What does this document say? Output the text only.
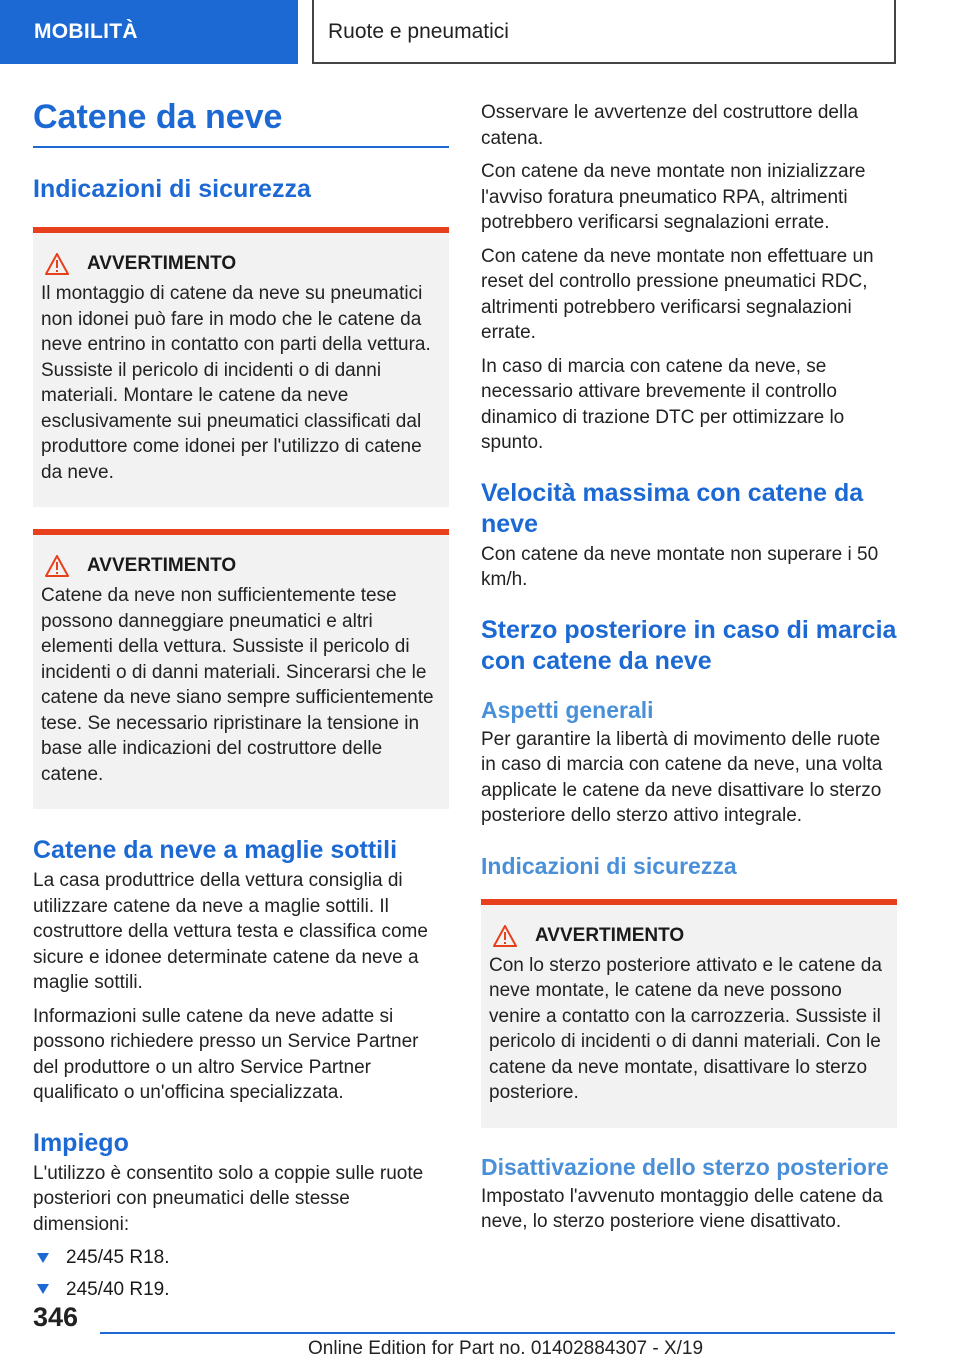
MOBILITÀ	Ruote e pneumatici
Catene da neve
Indicazioni di sicurezza
AVVERTIMENTO

Il montaggio di catene da neve su pneumatici non idonei può fare in modo che le catene da neve entrino in contatto con parti della vettura. Sussiste il pericolo di incidenti o di danni materiali. Montare le catene da neve esclusivamente sui pneumatici classificati dal produttore come idonei per l'utilizzo di catene da neve.

AVVERTIMENTO

Catene da neve non sufficientemente tese possono danneggiare pneumatici e altri elementi della vettura. Sussiste il pericolo di incidenti o di danni materiali. Sincerarsi che le catene da neve siano sempre sufficientemente tese. Se necessario ripristinare la tensione in base alle indicazioni del costruttore delle catene.

Catene da neve a maglie sottili

La casa produttrice della vettura consiglia di utilizzare catene da neve a maglie sottili. Il costruttore della vettura testa e classifica come sicure e idonee determinate catene da neve a maglie sottili.

Informazioni sulle catene da neve adatte si possono richiedere presso un Service Partner del produttore o un altro Service Partner qualificato o un'officina specializzata.

Impiego

L'utilizzo è consentito solo a coppie sulle ruote posteriori con pneumatici delle stesse dimensioni:

245/45 R18.
245/40 R19.

Osservare le avvertenze del costruttore della catena.

Con catene da neve montate non inizializzare l'avviso foratura pneumatico RPA, altrimenti potrebbero verificarsi segnalazioni errate.

Con catene da neve montate non effettuare un reset del controllo pressione pneumatici RDC, altrimenti potrebbero verificarsi segnalazioni errate.

In caso di marcia con catene da neve, se necessario attivare brevemente il controllo dinamico di trazione DTC per ottimizzare lo spunto.

Velocità massima con catene da neve

Con catene da neve montate non superare i 50 km/h.

Sterzo posteriore in caso di marcia con catene da neve
Aspetti generali

Per garantire la libertà di movimento delle ruote in caso di marcia con catene da neve, una volta applicate le catene da neve disattivare lo sterzo posteriore dello sterzo attivo integrale.

Indicazioni di sicurezza
AVVERTIMENTO

Con lo sterzo posteriore attivato e le catene da neve montate, le catene da neve possono venire a contatto con la carrozzeria. Sussiste il pericolo di incidenti o di danni materiali. Con le catene da neve montate, disattivare lo sterzo posteriore.

Disattivazione dello sterzo posteriore

Impostato l'avvenuto montaggio delle catene da neve, lo sterzo posteriore viene disattivato.

346
Online Edition for Part no. 01402884307 - X/19
